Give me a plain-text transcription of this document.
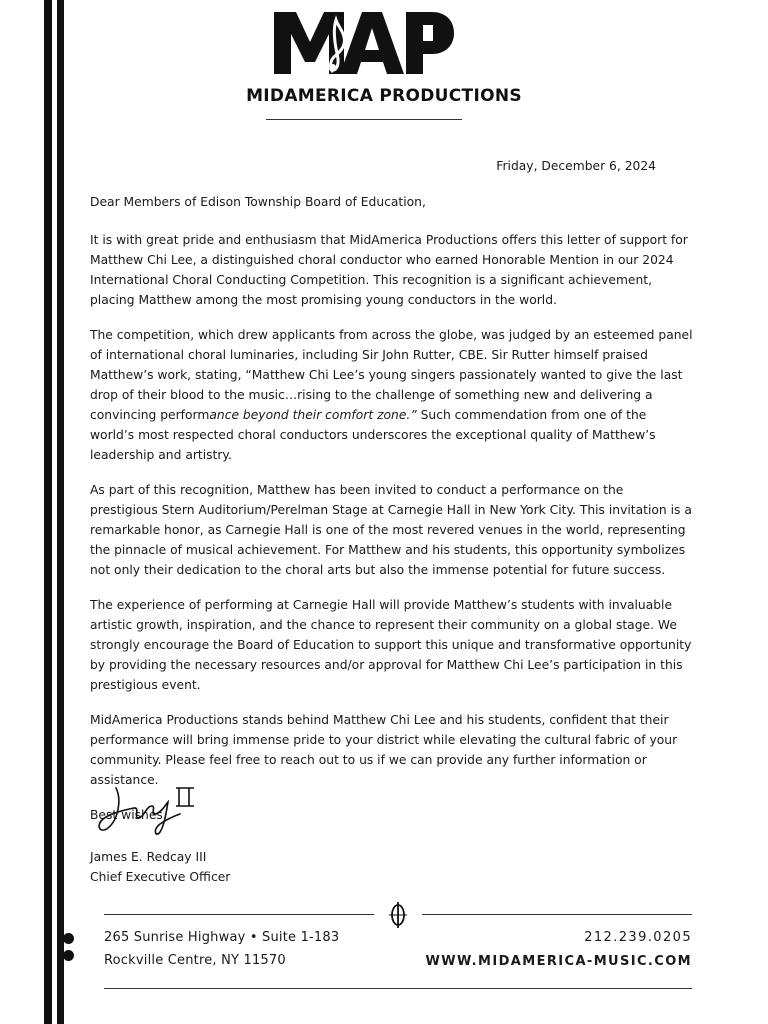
MIDAMERICA PRODUCTIONS
Friday, December 6, 2024

Dear Members of Edison Township Board of Education,

It is with great pride and enthusiasm that MidAmerica Productions offers this letter of support for Matthew Chi Lee, a distinguished choral conductor who earned Honorable Mention in our 2024 International Choral Conducting Competition. This recognition is a significant achievement, placing Matthew among the most promising young conductors in the world.

The competition, which drew applicants from across the globe, was judged by an esteemed panel of international choral luminaries, including Sir John Rutter, CBE. Sir Rutter himself praised Matthew’s work, stating, “Matthew Chi Lee’s young singers passionately wanted to give the last drop of their blood to the music…rising to the challenge of something new and delivering a convincing performance beyond their comfort zone.” Such commendation from one of the world’s most respected choral conductors underscores the exceptional quality of Matthew’s leadership and artistry.

As part of this recognition, Matthew has been invited to conduct a performance on the prestigious Stern Auditorium/Perelman Stage at Carnegie Hall in New York City. This invitation is a remarkable honor, as Carnegie Hall is one of the most revered venues in the world, representing the pinnacle of musical achievement. For Matthew and his students, this opportunity symbolizes not only their dedication to the choral arts but also the immense potential for future success.

The experience of performing at Carnegie Hall will provide Matthew’s students with invaluable artistic growth, inspiration, and the chance to represent their community on a global stage. We strongly encourage the Board of Education to support this unique and transformative opportunity by providing the necessary resources and/or approval for Matthew Chi Lee’s participation in this prestigious event.

MidAmerica Productions stands behind Matthew Chi Lee and his students, confident that their performance will bring immense pride to your district while elevating the cultural fabric of your community. Please feel free to reach out to us if we can provide any further information or assistance.

Best wishes,

James E. Redcay III
Chief Executive Officer
265 Sunrise Highway • Suite 1-183
Rockville Centre, NY 11570
212.239.0205
WWW.MIDAMERICA-MUSIC.COM
